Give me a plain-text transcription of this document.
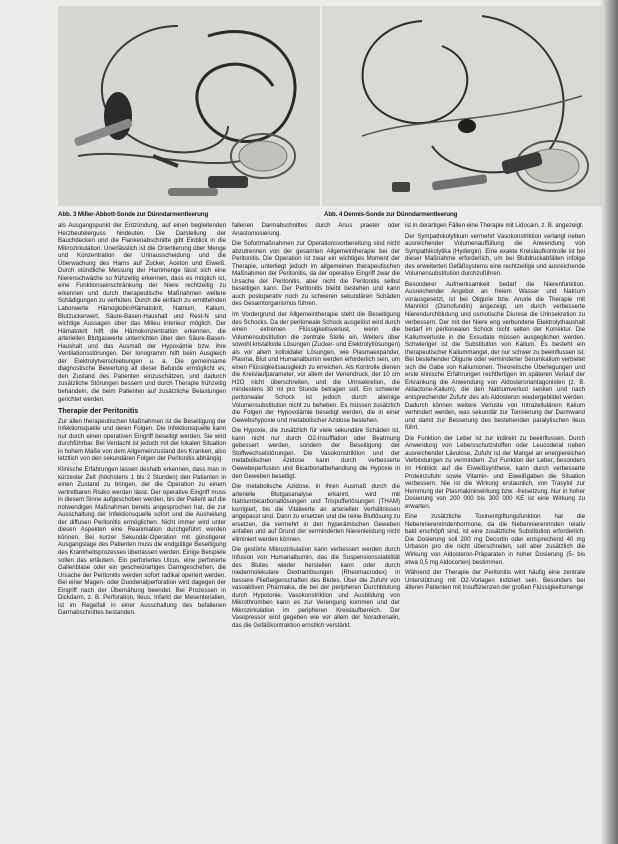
Abb. 3 Miller-Abbott-Sonde zur Dünndarmentleerung	Abb. 4 Dennis-Sonde zur Dünndarmentleerung

als Ausgangspunkt der Entzündung, auf einen begleitenden Herzbeutelerguss hindeuten. Die Darstellung der Bauchdecken und die Flankenabschnitte gibt Einblick in die Mikrozirkulation. Unerlässlich ist die Orientierung über Menge und Konzentration der Urinausscheidung und die Überwachung des Harns auf Zucker, Aceton und Eiweiß. Durch stündliche Messung der Harnmenge lässt sich eine Nierenschwäche so frühzeitig erkennen, dass es möglich ist, eine Funktionseinschränkung der Niere rechtzeitig zu erkennen und durch therapeutische Maßnahmen weitere Schädigungen zu verhüten. Durch die einfach zu ermittelnden Laborwerte Hämoglobin/Hämatokrit, Natrium, Kalium, Blutzuckerwert, Säure-Basen-Haushalt und Rest-N sind wichtige Aussagen über das Milieu interieur möglich. Der Hämatokrit hilft die Hämokonzentration erkennen, die arteriellen Blutgaswerte unterrichten über den Säure-Basen-Haushalt und das Ausmaß der Hypoxämie bzw. ihre Ventilationsstörungen. Der Ionogramm hilft beim Ausgleich der Elektrolytverschiebungen u. a. Die gemeinsame diagnostische Bewertung all dieser Befunde ermöglicht es, den Zustand des Patienten einzuschätzen, und dadurch zusätzliche Störungen bessern und durch Therapie frühzeitig behandeln, die beim Patienten auf zusätzliche Belastungen gerichtet werden.

Therapie der Peritonitis

Zur allen therapeutischen Maßnahmen ist die Beseitigung der Infektionsquelle und deren Folgen. Die Infektionsquelle kann nur durch einen operativen Eingriff beseitigt werden. Sie wird durchführbar. Bei Verdacht ist jedoch mit der lokalen Situation in hohem Maße von dem Allgemeinzustand des Kranken, also letztlich von den sekundären Folgen der Peritonitis abhängig.

Klinische Erfahrungen lassen deshalb erkennen, dass man in kürzester Zeit (höchstens 1 bis 2 Stunden) den Patienten in einen Zustand zu bringen, der die Operation zu einem vertretbaren Risiko werden lässt. Der operative Eingriff muss in diesem Sinne aufgeschoben werden, bis der Patient auf die notwendigen Maßnahmen bereits angesprochen hat, die zur Ausschaltung der Infektionsquelle sofort und die Ausheilung der diffusen Peritonitis ermöglichen. Nicht immer wird unter diesen Aspekten eine Reanimation durchgeführt werden können. Bei kurzer Sekundär-Operation mit günstigerer Ausgangslage des Patienten muss die endgültige Beseitigung des Krankheitsprozesses überlassen werden. Einige Beispiele sollen das erläutern. Ein perforiertes Ulcus, eine perforierte Gallenblase oder ein geschwürartiges Darmgeschehen, die Ursache der Peritonitis werden sofort radikal operiert werden. Bei einer Magen- oder Duodenalperforation wird dagegen der Eingriff nach der Übernähung beendet. Bei Prozessen in Dickdarm, z. B. Perforation, Ileus, Infarkt der Mesenterialien, ist im Regelfall in einer Ausschaltung des befallenen Darmabschnittes bestanden.

fallenen Darmabschnittes durch Anus praeter oder Anastomosierung.

Die Sofortmaßnahmen zur Operationsvorbereitung sind nicht abzutrennen von der gesamten Allgemeintherapie bei der Peritonitis. Die Operation ist zwar ein wichtiges Moment der Therapie, unterliegt jedoch im allgemeinen therapeutischen Maßnahmen der Peritonitis, da der operative Eingriff zwar die Ursache der Peritonitis, aber nicht die Peritonitis selbst beseitigen kann. Der Peritonitis bleibt bestehen und kann auch postoperativ noch zu schweren sekundären Schäden des Gesamtorganismus führen.

Im Vordergrund der Allgemeintherapie steht die Beseitigung des Schocks. Da der peritoneale Schock ausgelöst wird durch einen extremen Flüssigkeitsverlust, wenn die Volumensubstitution die zentrale Stelle ein. Weiters über sowohl kristalloide Lösungen (Zucker- und Elektrolytlösungen) als vor allem kolloidaler Lösungen, wie Plasmaexpander, Plasma, Blut und Humanalbumin werden erforderlich sein, um einen Flüssigkeitsausgleich zu erreichen. Als Kontrolle dienen die Kreislaufparameter, vor allem der Venendruck, der 10 cm H2O nicht überschreiten, und die Urinsekretion, die mindestens 30 ml pro Stunde betragen soll. Ein schwerer peritonealer Schock ist jedoch durch alleinige Volumensubstitution nicht zu beheben. Es müssen zusätzlich die Folgen der Hypovolämie beseitigt werden, die in einer Gewebshypoxie und metabolischer Azidose bestehen.

Die Hypoxie, die zusätzlich für viele sekundäre Schäden ist, kann nicht nur durch O2-Insufflation oder Beatmung gebessert werden, sondern der Beseitigung der Stoffwechselstörungen. Die Vasokonstriktion und der metabolischen Azidose kann durch verbesserte Gewebeperfusion und Bicarbonatbehandlung die Hypoxie in den Geweben beseitigt.

Die metabolische Azidose, in ihren Ausmaß durch die arterielle Blutgasanalyse erkannt, wird mit Natriumbicarbonatlösungen und Trispufferlösungen (THAM) korrigiert, bis die Vitalwerte an arteriellen Verhältnissen angepasst sind. Dann zu ersetzen und die reine Blutlösung zu ersetzen, die vermehrt in den hyperämischen Geweben anfallen und auf Grund der verminderten Nierenleistung nicht eliminiert werden können.

Die gestörte Mikrozirkulation kann verbessert werden durch Infusion von Humanalbumin, das die Suspensionsstabilität des Blutes wieder herstellen kann oder durch niedermolekulare Dextranlösungen (Rheomacrodex) in bessere Fließeigenschaften des Blutes. Über die Zufuhr von vasoaktiven Pharmaka, die bei der peripheren Durchblutung durch Hypotonie, Vasokonstriktion und Ausbildung von Mikrothromben kann es zur Verengung kommen und der Mikrozirkulation im peripheren Kreislaufbereich. Der Vasopressor wird gegeben wie vor allem der Noradrenalin, das die Gefäßkontraktion ernstlich verstärkt.

ist in derartigen Fällen eine Therapie mit Lidocain, z. B. angezeigt.

Der Sympathikolytikum vermehrt Vasokonstriktion verlangt neben ausreichender Volumenauffüllung die Anwendung von Sympathikolytika (Hydergin). Eine exakte Kreislaufkontrolle ist bei dieser Maßnahme erforderlich, um bei Blutdruckabfällen infolge des erweiterten Gefäßsystems eine rechtzeitige und ausreichende Volumensubstitution durchzuführen.

Besonderer Aufmerksamkeit bedarf die Nierenfunktion. Ausreichender Angebot an freiem Wasser und Natrium vorausgesetzt, ist bei Oligurie bzw. Anurie die Therapie mit Mannitol (Osmofundin) angezeigt, um durch verbesserte Nierendurchblutung und osmotische Diurese die Urinsekretion zu verbessern. Der mit der Niere eng verbundene Elektrolythaushalt bedarf im peritonealen Schock nicht selten der Korrektur. Die Kaliumverluste in die Exsudate müssen ausgeglichen werden. Schwieriger ist die Substitution von Kalium. Es besteht ein therapeutischer Kaliummangel, der nur schwer zu beeinflussen ist. Bei bestehender Oligurie oder verminderter Serumkalium verbietet sich die Gabe von Kaliumionen. Theoretische Überlegungen und erste klinische Erfahrungen rechtfertigen im späteren Verlauf der Erkrankung die Anwendung von Aldosteronantagonisten (z. B. Aldactone-Kalium), die den Natriumverlust senken und nach entsprechender Zufuhr des als Aldosteron wiedergebildet werden. Dadurch können weitere Verluste von Intrazellulärem Kalium verhindert werden, was sekundär zur Tonisierung der Darmwand und damit zur Besserung des bestehenden paralytischen Ileus führt.

Die Funktion der Leber ist zur indirekt zu beeinflussen. Durch Anwendung von Lebersschutzstoffen oder Leucoderal neben ausreichender Lävulose, Zufuhr ist der Mangel an energiereichen Verbindungen zu vermindern. Zur Funktion der Leber, besonders im Hinblick auf die Eiweißsynthese, kann durch verbesserte Proteinzufuhr sowie Vitamin- und Eiweißgaben die Situation verbessern. Nie ist die Wirkung erstaunlich, von Trasylol zur Hemmung der Plasmakininwirkung bzw. -freisetzung. Nur in hoher Dosierung von 200 000 bis 300 000 KE ist eine Wirkung zu erwarten.

Eine zusätzliche Toxinentgiftungsfunktion hat die Nebennierenrindenhormone, da die Nebennierenrinden relativ bald erschöpft sind, ist eine zusätzliche Substitution erforderlich. Die Dosierung soll 200 mg Decortin oder entsprechend 40 mg Urbason pro die nicht überschreiten, soll aber zusätzlich die Wirkung von Aldosteron-Präparaten in hoher Dosierung (5- bis etwa 0,5 mg Aldocorten) bestimmen.

Während der Therapie der Peritonitis wird häufig eine zentrale Unterstützung mit O2-Vorlagen indiziert sein. Besonders bei älteren Patienten mit Insuffizienzen der großen Flüssigkeitsmenge
